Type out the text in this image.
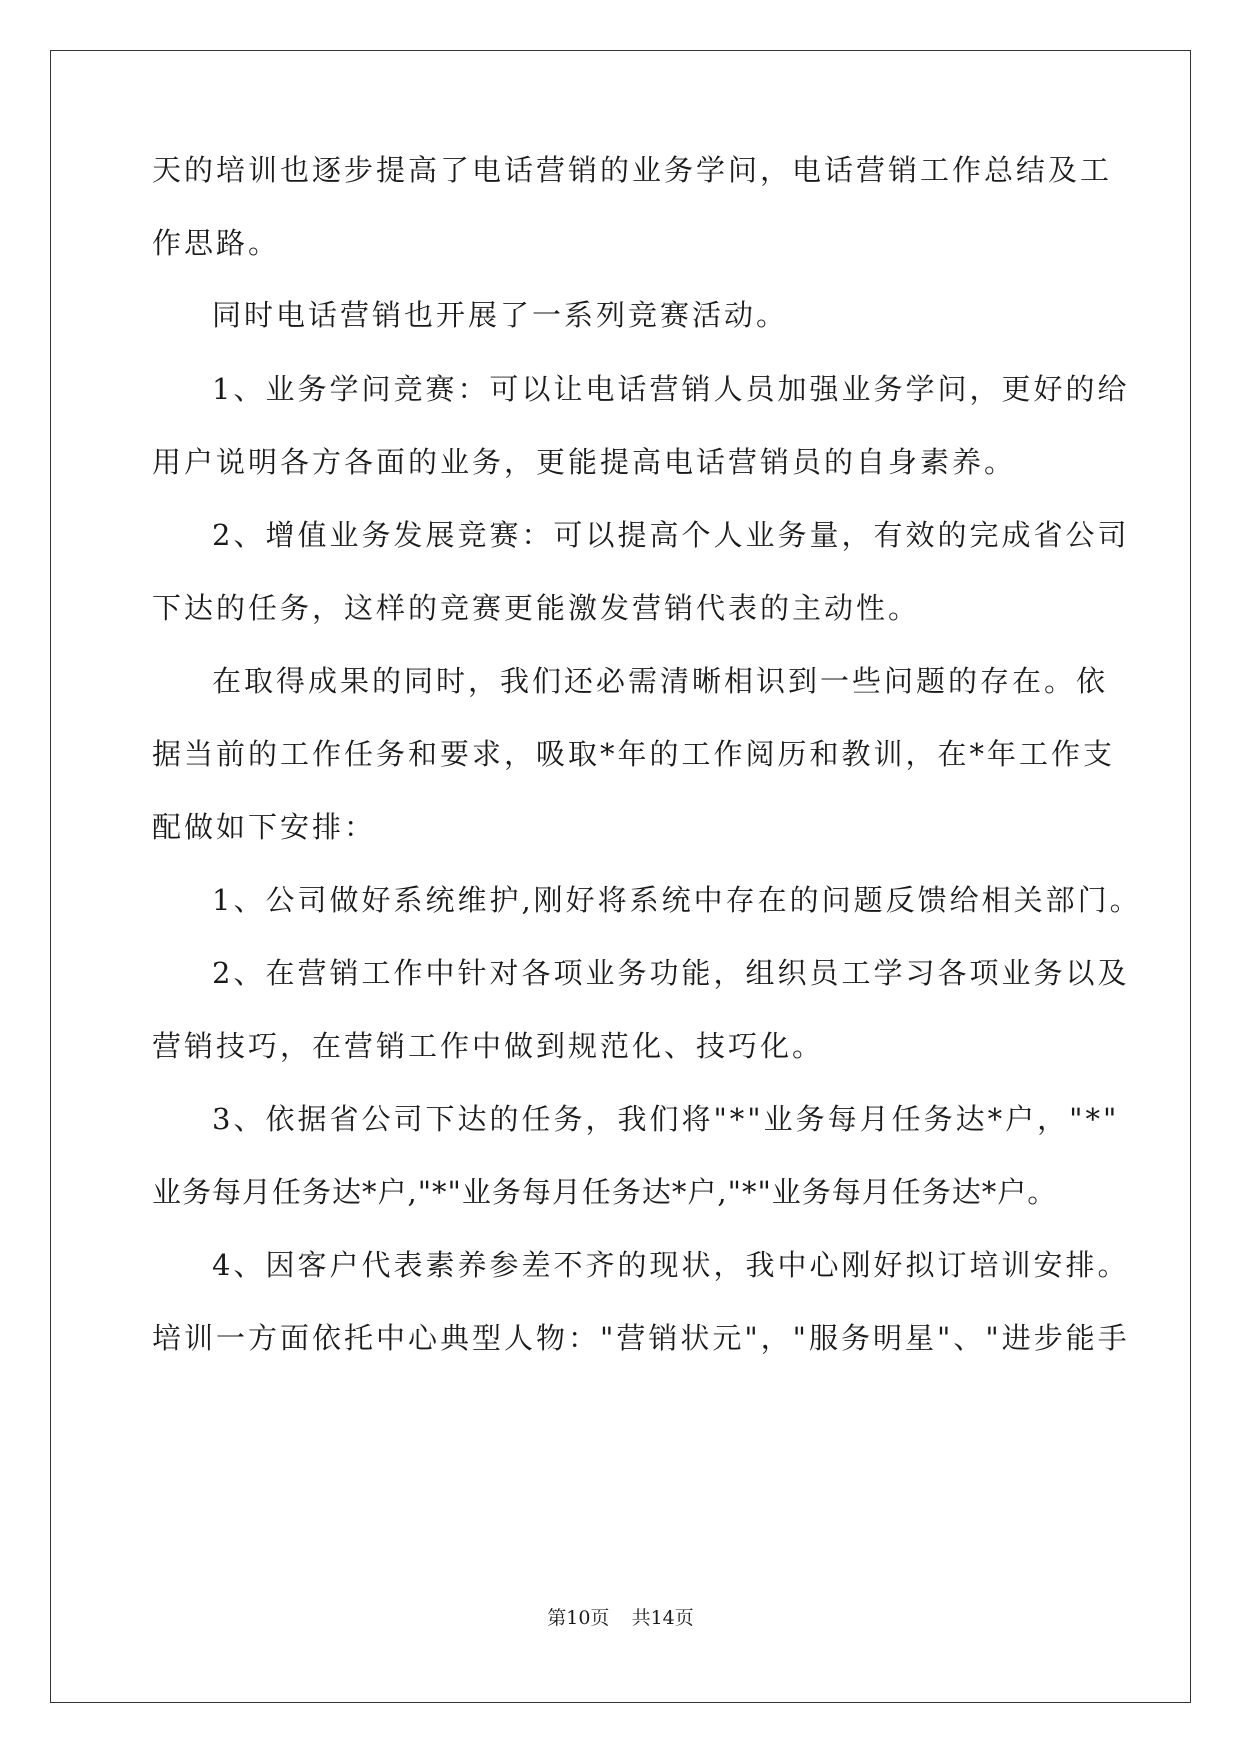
天的培训也逐步提高了电话营销的业务学问，电话营销工作总结及工
作思路。
同时电话营销也开展了一系列竞赛活动。
1、业务学问竞赛：可以让电话营销人员加强业务学问，更好的给
用户说明各方各面的业务，更能提高电话营销员的自身素养。
2、增值业务发展竞赛：可以提高个人业务量，有效的完成省公司
下达的任务，这样的竞赛更能激发营销代表的主动性。
在取得成果的同时，我们还必需清晰相识到一些问题的存在。依
据当前的工作任务和要求，吸取*年的工作阅历和教训，在*年工作支
配做如下安排：
1、公司做好系统维护,刚好将系统中存在的问题反馈给相关部门。
2、在营销工作中针对各项业务功能，组织员工学习各项业务以及
营销技巧，在营销工作中做到规范化、技巧化。
3、依据省公司下达的任务，我们将"*"业务每月任务达*户，"*"
业务每月任务达*户,"*"业务每月任务达*户,"*"业务每月任务达*户。
4、因客户代表素养参差不齐的现状，我中心刚好拟订培训安排。
培训一方面依托中心典型人物："营销状元"，"服务明星"、"进步能手
第10页 共14页
